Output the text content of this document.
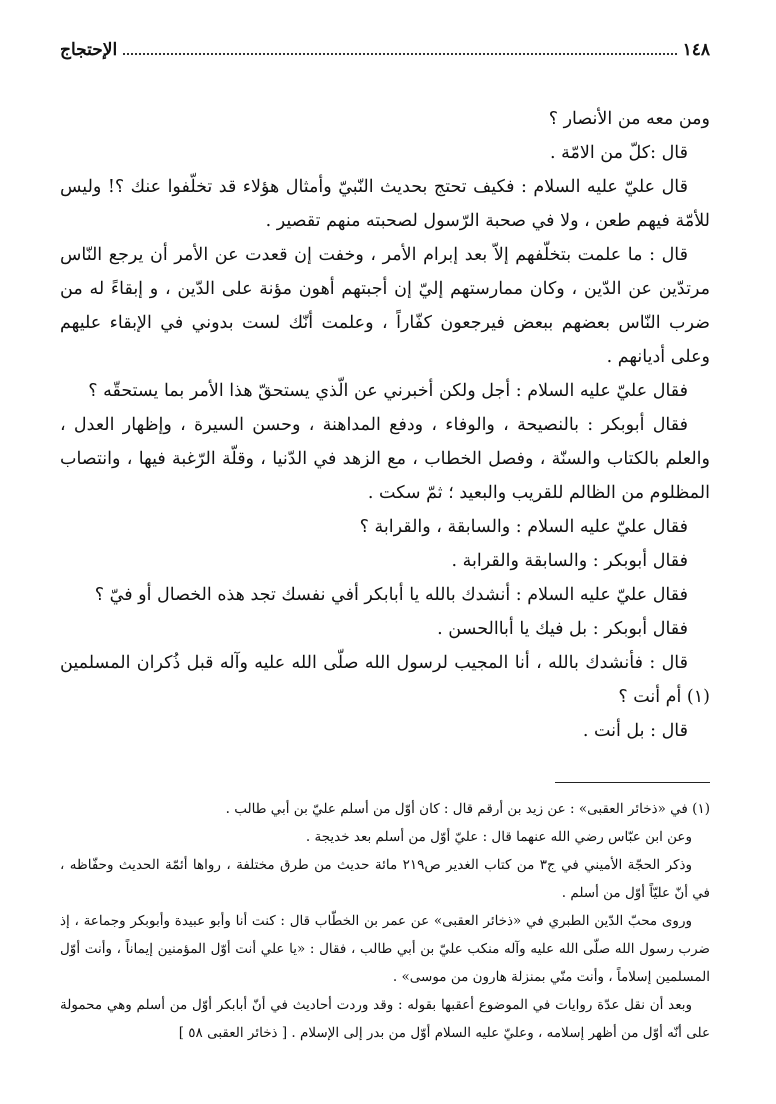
١٤٨
الإحتجاج

ومن معه من الأنصار ؟

قال :كلّ من الامّة .

قال عليّ عليه السلام : فكيف تحتج بحديث النّبيّ وأمثال هؤلاء قد تخلّفوا عنك ؟! وليس للأمّة فيهم طعن ، ولا في صحبة الرّسول لصحبته منهم تقصير .

قال : ما علمت بتخلّفهم إلاّ بعد إبرام الأمر ، وخفت إن قعدت عن الأمر أن يرجع النّاس مرتدّين عن الدّين ، وكان ممارستهم إليّ إن أجبتهم أهون مؤنة على الدّين ، و إبقاءً له من ضرب النّاس بعضهم ببعض فيرجعون كفّاراً ، وعلمت أنّك لست بدوني في الإبقاء عليهم وعلى أديانهم .

فقال عليّ عليه السلام : أجل ولكن أخبرني عن الّذي يستحقّ هذا الأمر بما يستحقّه ؟

فقال أبوبكر : بالنصيحة ، والوفاء ، ودفع المداهنة ، وحسن السيرة ، وإظهار العدل ، والعلم بالكتاب والسنّة ، وفصل الخطاب ، مع الزهد في الدّنيا ، وقلّة الرّغبة فيها ، وانتصاب المظلوم من الظالم للقريب والبعيد ؛ ثمّ سكت .

فقال عليّ عليه السلام : والسابقة ، والقرابة ؟

فقال أبوبكر : والسابقة والقرابة .

فقال عليّ عليه السلام : أنشدك بالله يا أبابكر أفي نفسك تجد هذه الخصال أو فيّ ؟

فقال أبوبكر : بل فيك يا أباالحسن .

قال : فأنشدك بالله ، أنا المجيب لرسول الله صلّى الله عليه وآله قبل ذُكران المسلمين (١) أم أنت ؟

قال : بل أنت .

(١) في «ذخائر العقبى» : عن زيد بن أرقم قال : كان أوّل من أسلم عليّ بن أبي طالب .

وعن ابن عبّاس رضي الله عنهما قال : عليّ أوّل من أسلم بعد خديجة .

وذكر الحجّة الأميني في ج٣ من كتاب الغدير ص٢١٩ مائة حديث من طرق مختلفة ، رواها أئمّة الحديث وحفّاظه ، في أنّ عليّاً أوّل من أسلم .

وروى محبّ الدّين الطبري في «ذخائر العقبى» عن عمر بن الخطّاب قال : كنت أنا وأبو عبيدة وأبوبكر وجماعة ، إذ ضرب رسول الله صلّى الله عليه وآله منكب عليّ بن أبي طالب ، فقال : «يا علي أنت أوّل المؤمنين إيماناً ، وأنت أوّل المسلمين إسلاماً ، وأنت منّي بمنزلة هارون من موسى» .

وبعد أن نقل عدّة روايات في الموضوع أعقبها بقوله : وقد وردت أحاديث في أنّ أبابكر أوّل من أسلم وهي محمولة على أنّه أوّل من أظهر إسلامه ، وعليّ عليه السلام أوّل من بدر إلى الإسلام . [ ذخائر العقبى ٥٨ ]
